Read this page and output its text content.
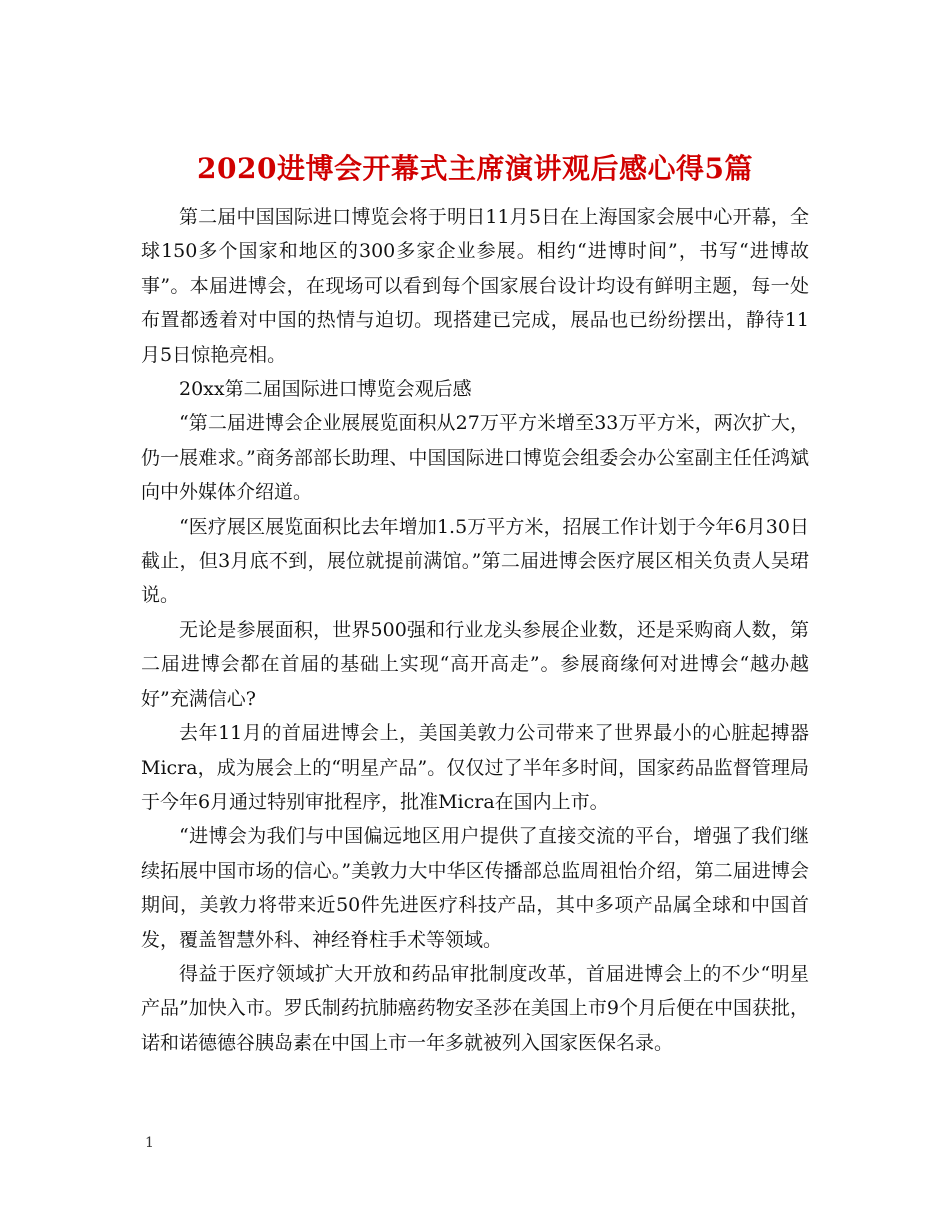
2020进博会开幕式主席演讲观后感心得5篇

第二届中国国际进口博览会将于明日11月5日在上海国家会展中心开幕，全球150多个国家和地区的300多家企业参展。相约“进博时间”，书写“进博故事”。本届进博会，在现场可以看到每个国家展台设计均设有鲜明主题，每一处布置都透着对中国的热情与迫切。现搭建已完成，展品也已纷纷摆出，静待11月5日惊艳亮相。

20xx第二届国际进口博览会观后感

“第二届进博会企业展展览面积从27万平方米增至33万平方米，两次扩大，仍一展难求。”商务部部长助理、中国国际进口博览会组委会办公室副主任任鸿斌向中外媒体介绍道。

“医疗展区展览面积比去年增加1.5万平方米，招展工作计划于今年6月30日截止，但3月底不到，展位就提前满馆。”第二届进博会医疗展区相关负责人吴珺说。

无论是参展面积，世界500强和行业龙头参展企业数，还是采购商人数，第二届进博会都在首届的基础上实现“高开高走”。参展商缘何对进博会“越办越好”充满信心?

去年11月的首届进博会上，美国美敦力公司带来了世界最小的心脏起搏器Micra，成为展会上的“明星产品”。仅仅过了半年多时间，国家药品监督管理局于今年6月通过特别审批程序，批准Micra在国内上市。

“进博会为我们与中国偏远地区用户提供了直接交流的平台，增强了我们继续拓展中国市场的信心。”美敦力大中华区传播部总监周祖怡介绍，第二届进博会期间，美敦力将带来近50件先进医疗科技产品，其中多项产品属全球和中国首发，覆盖智慧外科、神经脊柱手术等领域。

得益于医疗领域扩大开放和药品审批制度改革，首届进博会上的不少“明星产品”加快入市。罗氏制药抗肺癌药物安圣莎在美国上市9个月后便在中国获批，诺和诺德德谷胰岛素在中国上市一年多就被列入国家医保名录。

1
